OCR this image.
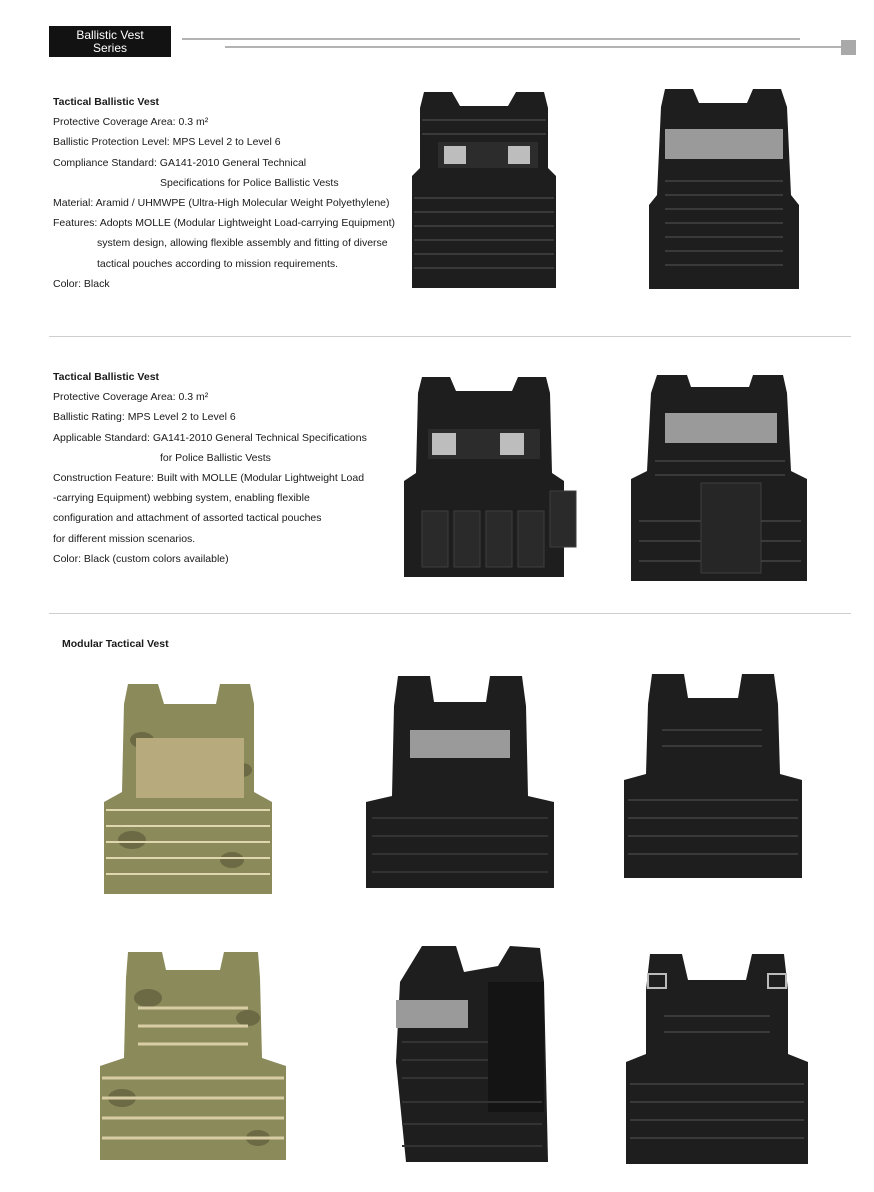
Ballistic Vest
Series
Tactical Ballistic Vest
Protective Coverage Area: 0.3 m²
Ballistic Protection Level: MPS Level 2 to Level 6
Compliance Standard: GA141-2010 General Technical
Specifications for Police Ballistic Vests
Material: Aramid / UHMWPE (Ultra-High Molecular Weight Polyethylene)
Features: Adopts MOLLE (Modular Lightweight Load-carrying Equipment)
system design, allowing flexible assembly and fitting of diverse
tactical pouches according to mission requirements.
Color: Black
Tactical Ballistic Vest
Protective Coverage Area: 0.3 m²
Ballistic Rating: MPS Level 2 to Level 6
Applicable Standard: GA141-2010 General Technical Specifications
for Police Ballistic Vests
Construction Feature: Built with MOLLE (Modular Lightweight Load
-carrying Equipment) webbing system, enabling flexible
configuration and attachment of assorted tactical pouches
for different mission scenarios.
Color: Black (custom colors available)
Modular Tactical Vest
